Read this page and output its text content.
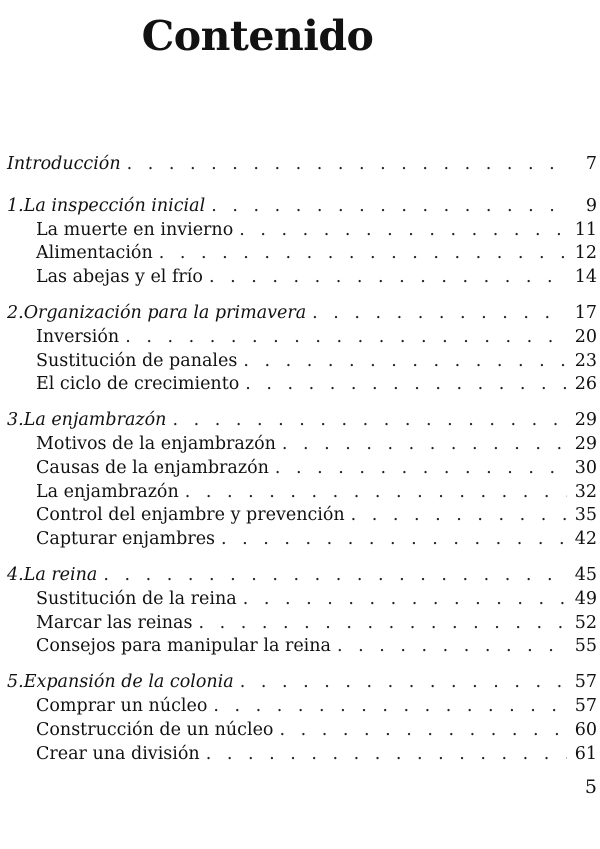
Contenido
Introducción . . .	7
1. La inspección inicial . . .	9
La muerte en invierno . . .	11
Alimentación . . .	12
Las abejas y el frío . . .	14
2. Organización para la primavera . . .	17
Inversión . . .	20
Sustitución de panales . . .	23
El ciclo de crecimiento . . .	26
3. La enjambrazón . . .	29
Motivos de la enjambrazón . . .	29
Causas de la enjambrazón . . .	30
La enjambrazón . . .	32
Control del enjambre y prevención . . .	35
Capturar enjambres . . .	42
4. La reina . . .	45
Sustitución de la reina . . .	49
Marcar las reinas . . .	52
Consejos para manipular la reina . . .	55
5. Expansión de la colonia . . .	57
Comprar un núcleo . . .	57
Construcción de un núcleo . . .	60
Crear una división . . .	61
5
